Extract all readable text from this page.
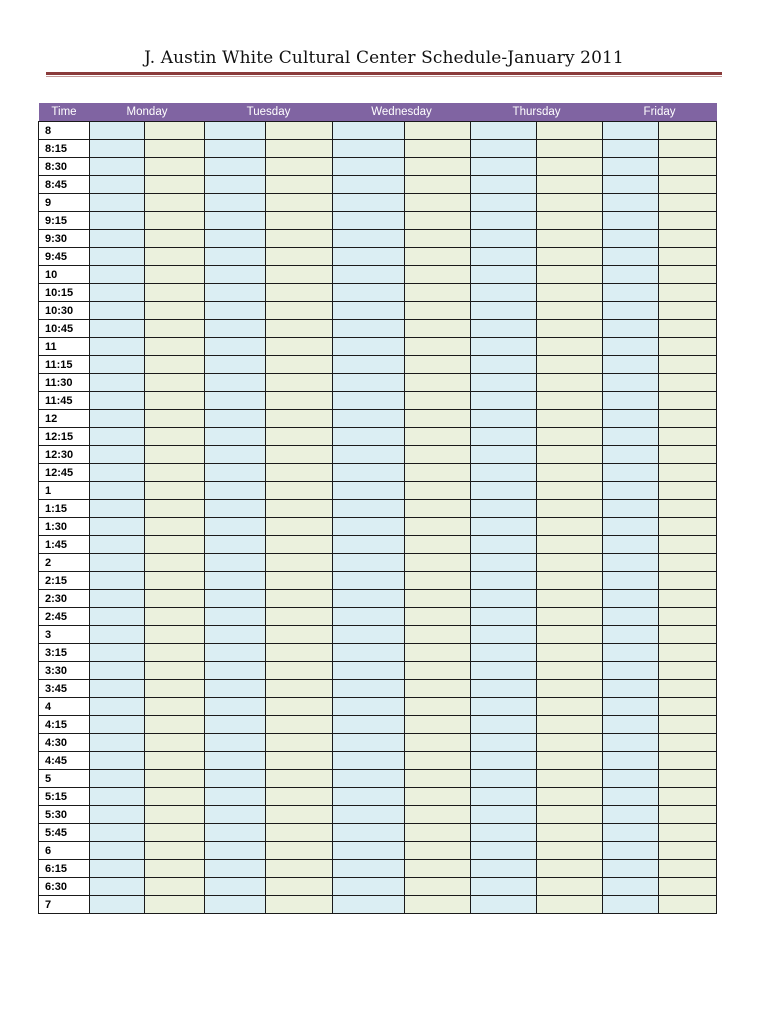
J. Austin White Cultural Center Schedule-January 2011
Time	Monday		Tuesday		Wednesday		Thursday		Friday	
8										
8:15										
8:30										
8:45										
9										
9:15										
9:30										
9:45										
10										
10:15										
10:30										
10:45										
11										
11:15										
11:30										
11:45										
12										
12:15										
12:30										
12:45										
1										
1:15										
1:30										
1:45										
2										
2:15										
2:30										
2:45										
3										
3:15										
3:30										
3:45										
4										
4:15										
4:30										
4:45										
5										
5:15										
5:30										
5:45										
6										
6:15										
6:30										
7										
